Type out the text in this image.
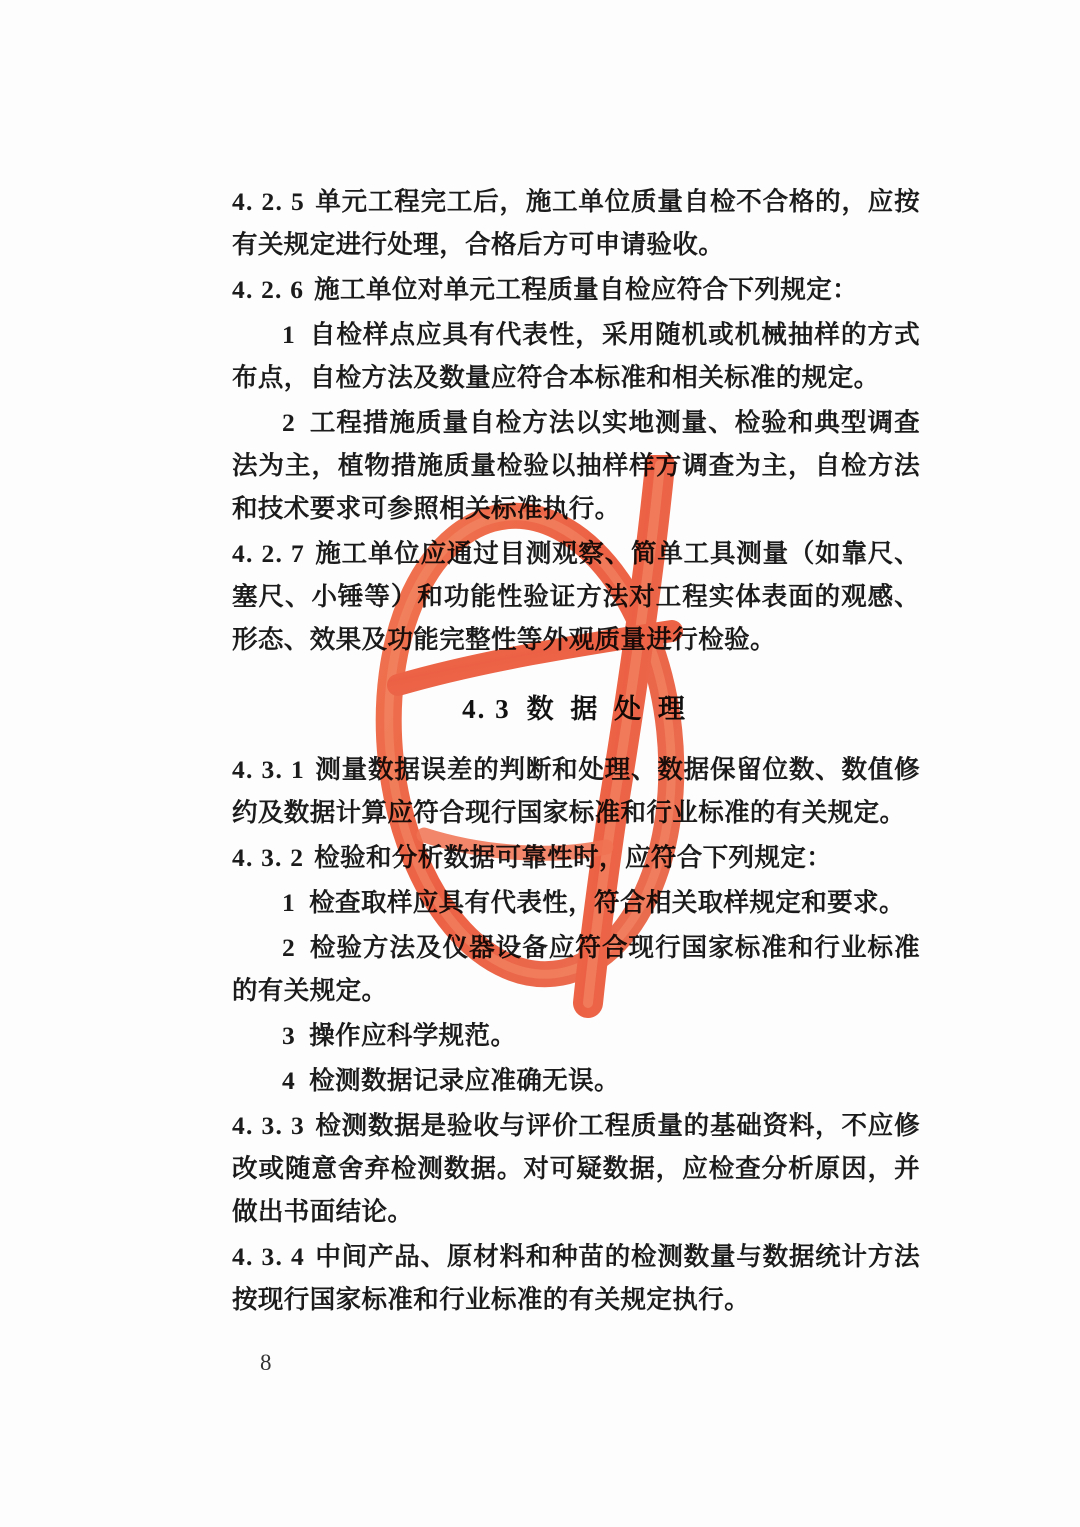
4. 2. 5 单元工程完工后，施工单位质量自检不合格的，应按有关规定进行处理，合格后方可申请验收。

4. 2. 6 施工单位对单元工程质量自检应符合下列规定：

1 自检样点应具有代表性，采用随机或机械抽样的方式布点，自检方法及数量应符合本标准和相关标准的规定。

2 工程措施质量自检方法以实地测量、检验和典型调查法为主，植物措施质量检验以抽样样方调查为主，自检方法和技术要求可参照相关标准执行。

4. 2. 7 施工单位应通过目测观察、简单工具测量（如靠尺、塞尺、小锤等）和功能性验证方法对工程实体表面的观感、形态、效果及功能完整性等外观质量进行检验。

4. 3 数 据 处 理

4. 3. 1 测量数据误差的判断和处理、数据保留位数、数值修约及数据计算应符合现行国家标准和行业标准的有关规定。

4. 3. 2 检验和分析数据可靠性时，应符合下列规定：

1 检查取样应具有代表性，符合相关取样规定和要求。

2 检验方法及仪器设备应符合现行国家标准和行业标准的有关规定。

3 操作应科学规范。

4 检测数据记录应准确无误。

4. 3. 3 检测数据是验收与评价工程质量的基础资料，不应修改或随意舍弃检测数据。对可疑数据，应检查分析原因，并做出书面结论。

4. 3. 4 中间产品、原材料和种苗的检测数量与数据统计方法按现行国家标准和行业标准的有关规定执行。

8
